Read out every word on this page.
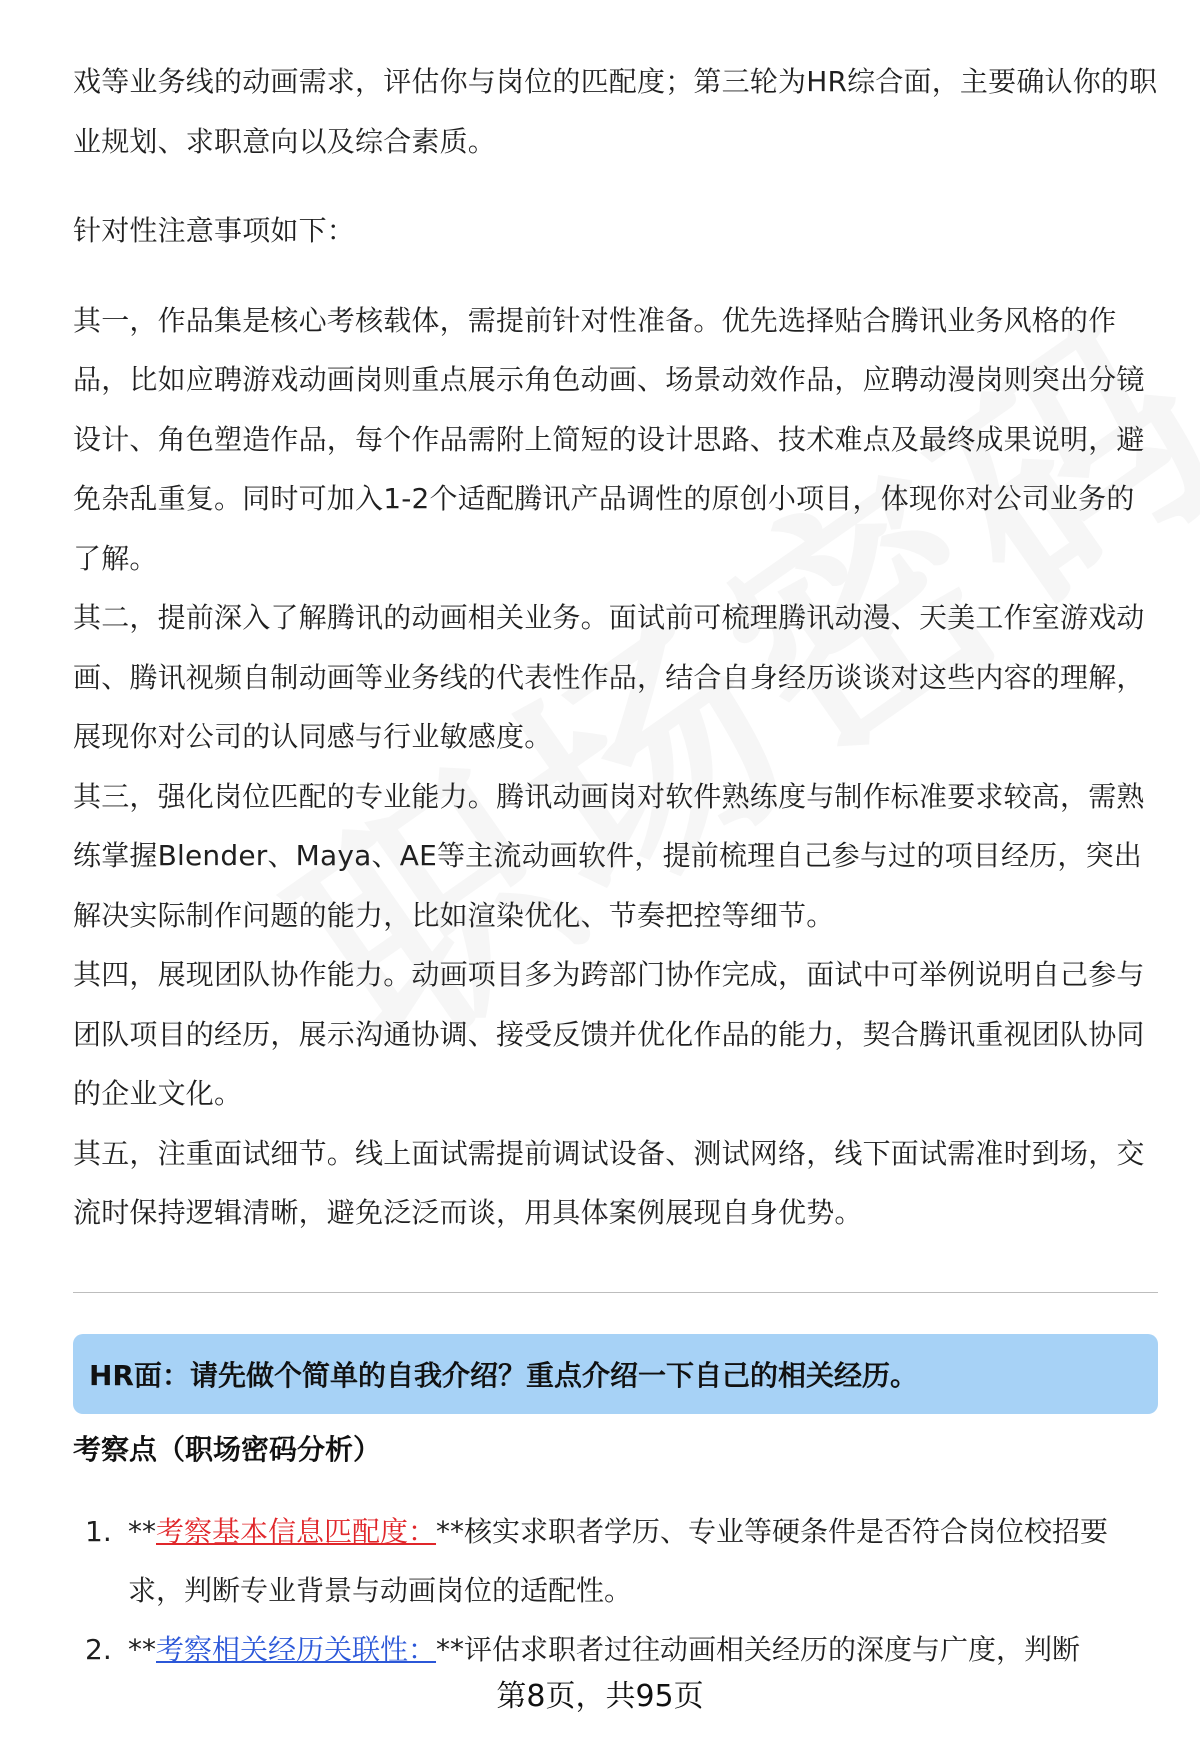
戏等业务线的动画需求，评估你与岗位的匹配度；第三轮为HR综合面，主要确认你的职业规划、求职意向以及综合素质。

针对性注意事项如下：

其一，作品集是核心考核载体，需提前针对性准备。优先选择贴合腾讯业务风格的作品，比如应聘游戏动画岗则重点展示角色动画、场景动效作品，应聘动漫岗则突出分镜设计、角色塑造作品，每个作品需附上简短的设计思路、技术难点及最终成果说明，避免杂乱重复。同时可加入1-2个适配腾讯产品调性的原创小项目，体现你对公司业务的了解。

其二，提前深入了解腾讯的动画相关业务。面试前可梳理腾讯动漫、天美工作室游戏动画、腾讯视频自制动画等业务线的代表性作品，结合自身经历谈谈对这些内容的理解，展现你对公司的认同感与行业敏感度。

其三，强化岗位匹配的专业能力。腾讯动画岗对软件熟练度与制作标准要求较高，需熟练掌握Blender、Maya、AE等主流动画软件，提前梳理自己参与过的项目经历，突出解决实际制作问题的能力，比如渲染优化、节奏把控等细节。

其四，展现团队协作能力。动画项目多为跨部门协作完成，面试中可举例说明自己参与团队项目的经历，展示沟通协调、接受反馈并优化作品的能力，契合腾讯重视团队协同的企业文化。

其五，注重面试细节。线上面试需提前调试设备、测试网络，线下面试需准时到场，交流时保持逻辑清晰，避免泛泛而谈，用具体案例展现自身优势。

HR面：请先做个简单的自我介绍？重点介绍一下自己的相关经历。
考察点（职场密码分析）
1. **考察基本信息匹配度：**核实求职者学历、专业等硬条件是否符合岗位校招要求，判断专业背景与动画岗位的适配性。
2. **考察相关经历关联性：**评估求职者过往动画相关经历的深度与广度，判断
第8页，共95页
